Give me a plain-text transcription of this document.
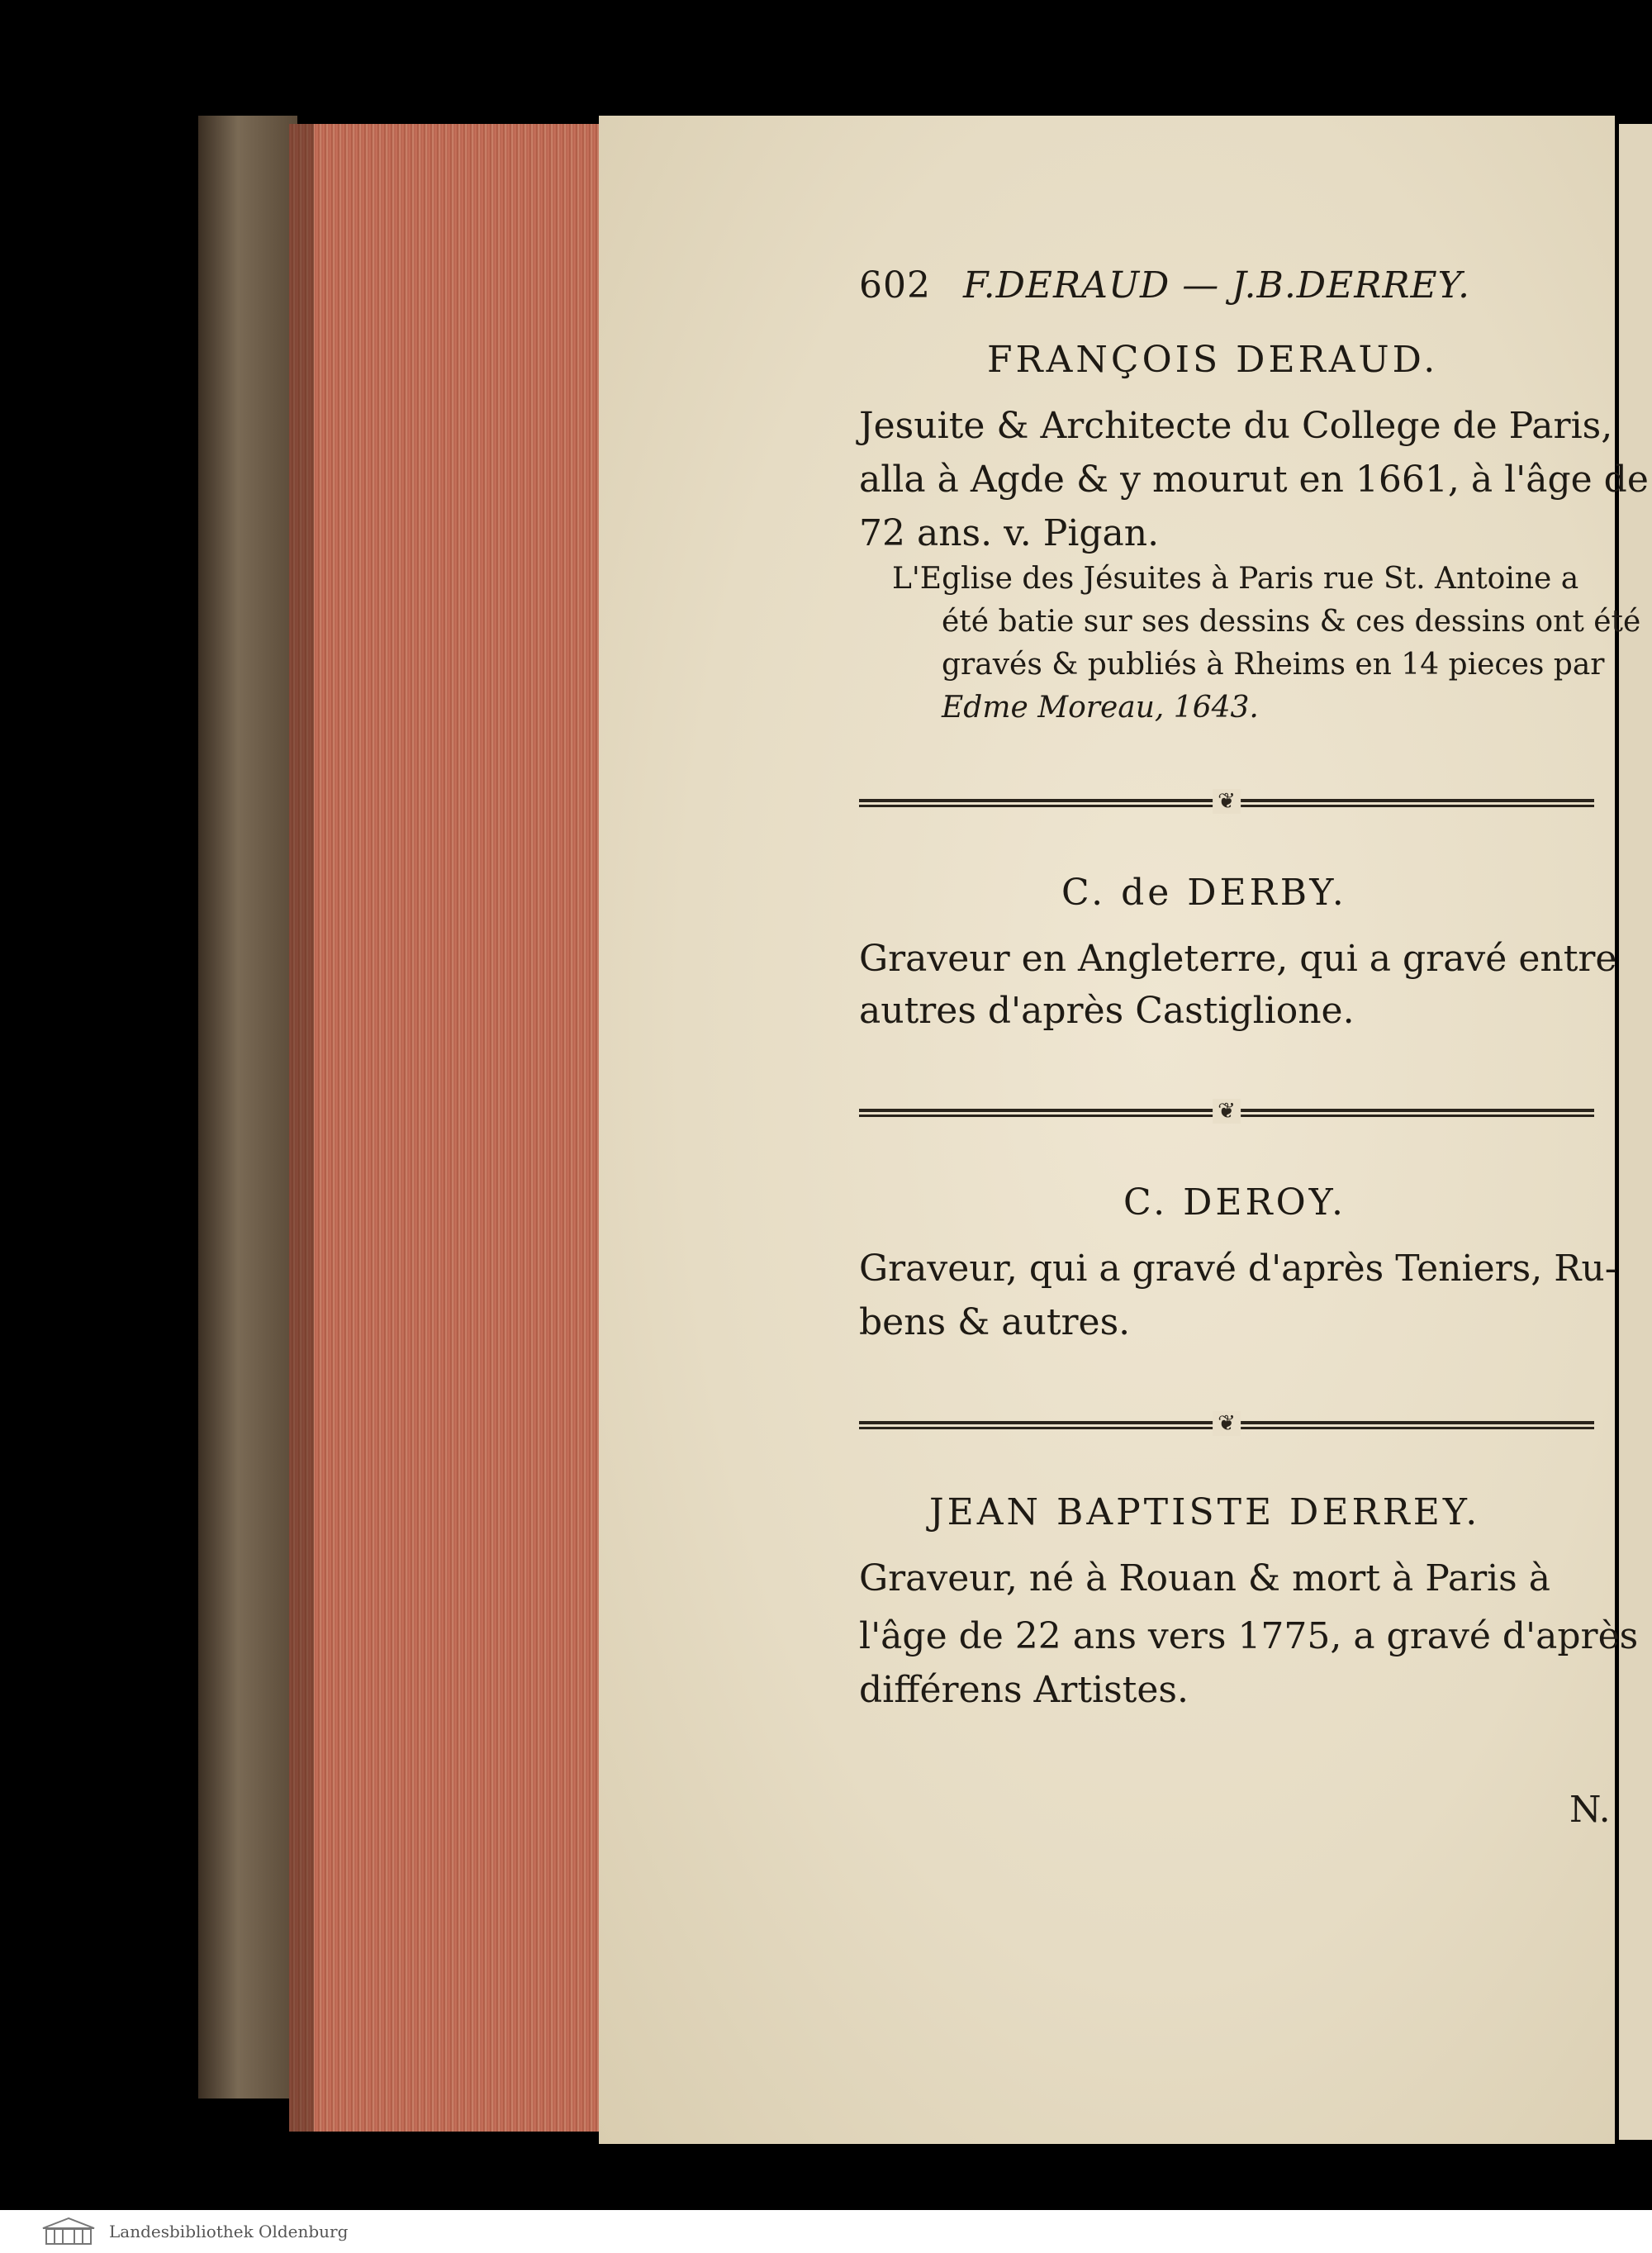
602 F.DERAUD — J.B.DERREY.
FRANÇOIS DERAUD.
Jesuite & Architecte du College de Paris,
alla à Agde & y mourut en 1661, à l'âge de
72 ans. v. Pigan.
L'Eglise des Jésuites à Paris rue St. Antoine a
été batie sur ses dessins & ces dessins ont été
gravés & publiés à Rheims en 14 pieces par
Edme Moreau, 1643.
❦
C. de DERBY.
Graveur en Angleterre, qui a gravé entre
autres d'après Castiglione.
❦
C. DEROY.
Graveur, qui a gravé d'après Teniers, Ru-
bens & autres.
❦
JEAN BAPTISTE DERREY.
Graveur, né à Rouan & mort à Paris à
l'âge de 22 ans vers 1775, a gravé d'après
différens Artistes.
N.
Landesbibliothek Oldenburg
